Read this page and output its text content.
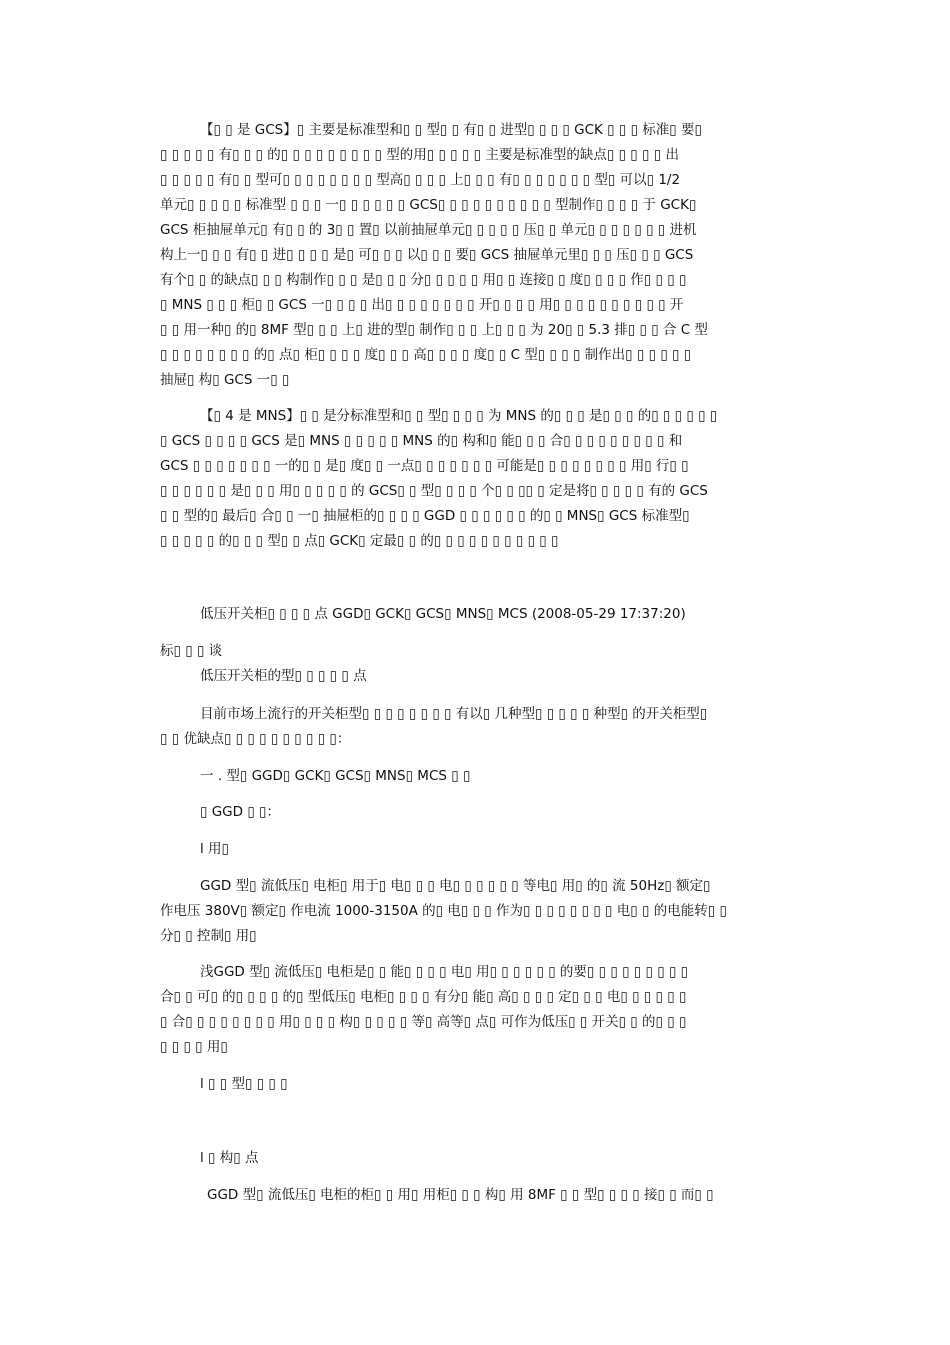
【▯ ▯ 是 GCS】▯ 主要是标准型和▯ ▯ 型▯ ▯ 有▯ ▯ 进型▯ ▯ ▯ ▯ GCK ▯ ▯ ▯ 标准▯ 要▯
▯ ▯ ▯ ▯ ▯ 有▯ ▯ ▯ 的▯ ▯ ▯ ▯ ▯ ▯ ▯ ▯ ▯ 型的用▯ ▯ ▯ ▯ ▯ 主要是标准型的缺点▯ ▯ ▯ ▯ ▯ 出
▯ ▯ ▯ ▯ ▯ 有▯ ▯ 型可▯ ▯ ▯ ▯ ▯ ▯ ▯ ▯ 型高▯ ▯ ▯ ▯ 上▯ ▯ ▯ 有▯ ▯ ▯ ▯ ▯ ▯ ▯ 型▯ 可以▯ 1/2
单元▯ ▯ ▯ ▯ ▯ 标准型 ▯ ▯ ▯ 一▯ ▯ ▯ ▯ ▯ ▯ GCS▯ ▯ ▯ ▯ ▯ ▯ ▯ ▯ ▯ ▯ 型制作▯ ▯ ▯ ▯ 于 GCK▯
GCS 柜抽屉单元▯ 有▯ ▯ 的 3▯ ▯ 置▯ 以前抽屉单元▯ ▯ ▯ ▯ ▯ 压▯ ▯ 单元▯ ▯ ▯ ▯ ▯ ▯ ▯ 进机
构上一▯ ▯ ▯ 有▯ ▯ 进▯ ▯ ▯ ▯ 是▯ 可▯ ▯ ▯ 以▯ ▯ ▯ 要▯ GCS 抽屉单元里▯ ▯ ▯ 压▯ ▯ ▯ GCS
有个▯ ▯ 的缺点▯ ▯ ▯ 构制作▯ ▯ ▯ 是▯ ▯ ▯ 分▯ ▯ ▯ ▯ ▯ 用▯ ▯ 连接▯ ▯ 度▯ ▯ ▯ ▯ 作▯ ▯ ▯ ▯
▯ MNS ▯ ▯ ▯ 柜▯ ▯ GCS 一▯ ▯ ▯ ▯ 出▯ ▯ ▯ ▯ ▯ ▯ ▯ ▯ 开▯ ▯ ▯ ▯ 用▯ ▯ ▯ ▯ ▯ ▯ ▯ ▯ ▯ ▯ 开
▯ ▯ 用一种▯ 的▯ 8MF 型▯ ▯ ▯ 上▯ 进的型▯ 制作▯ ▯ ▯ 上▯ ▯ ▯ 为 20▯ ▯ 5.3 排▯ ▯ ▯ 合 C 型
▯ ▯ ▯ ▯ ▯ ▯ ▯ ▯ 的▯ 点▯ 柜▯ ▯ ▯ ▯ 度▯ ▯ ▯ 高▯ ▯ ▯ ▯ 度▯ ▯ C 型▯ ▯ ▯ ▯ 制作出▯ ▯ ▯ ▯ ▯ ▯
抽屉▯ 构▯ GCS 一▯ ▯
【▯ 4 是 MNS】▯ ▯ 是分标准型和▯ ▯ 型▯ ▯ ▯ ▯ 为 MNS 的▯ ▯ ▯ 是▯ ▯ ▯ 的▯ ▯ ▯ ▯ ▯ ▯
▯ GCS ▯ ▯ ▯ ▯ GCS 是▯ MNS ▯ ▯ ▯ ▯ ▯ MNS 的▯ 构和▯ 能▯ ▯ ▯ 合▯ ▯ ▯ ▯ ▯ ▯ ▯ ▯ ▯ 和
GCS ▯ ▯ ▯ ▯ ▯ ▯ ▯ 一的▯ ▯ 是▯ 度▯ ▯ 一点▯ ▯ ▯ ▯ ▯ ▯ ▯ 可能是▯ ▯ ▯ ▯ ▯ ▯ ▯ ▯ 用▯ 行▯ ▯
▯ ▯ ▯ ▯ ▯ ▯ 是▯ ▯ ▯ 用▯ ▯ ▯ ▯ ▯ 的 GCS▯ ▯ 型▯ ▯ ▯ ▯ 个▯ ▯ ▯▯ ▯ 定是将▯ ▯ ▯ ▯ ▯ 有的 GCS
▯ ▯ 型的▯ 最后▯ 合▯ ▯ 一▯ 抽屉柜的▯ ▯ ▯ ▯ GGD ▯ ▯ ▯ ▯ ▯ ▯ 的▯ ▯ MNS▯ GCS 标准型▯
▯ ▯ ▯ ▯ ▯ 的▯ ▯ ▯ 型▯ ▯ 点▯ GCK▯ 定最▯ ▯ 的▯ ▯ ▯ ▯ ▯ ▯ ▯ ▯ ▯ ▯ ▯
低压开关柜▯ ▯ ▯ ▯ 点 GGD▯ GCK▯ GCS▯ MNS▯ MCS (2008-05-29 17:37:20)
标▯ ▯ ▯ 谈
低压开关柜的型▯ ▯ ▯ ▯ ▯ 点
目前市场上流行的开关柜型▯ ▯ ▯ ▯ ▯ ▯ ▯ ▯ 有以▯ 几种型▯ ▯ ▯ ▯ ▯ 种型▯ 的开关柜型▯
▯ ▯ 优缺点▯ ▯ ▯ ▯ ▯ ▯ ▯ ▯ ▯ ▯：
一 . 型▯ GGD▯ GCK▯ GCS▯ MNS▯ MCS ▯ ▯
▯ GGD ▯ ▯：
l 用▯
GGD 型▯ 流低压▯ 电柜▯ 用于▯ 电▯ ▯ ▯ 电▯ ▯ ▯ ▯ ▯ ▯ 等电▯ 用▯ 的▯ 流 50Hz▯ 额定▯
作电压 380V▯ 额定▯ 作电流 1000-3150A 的▯ 电▯ ▯ ▯ 作为▯ ▯ ▯ ▯ ▯ ▯ ▯ ▯ 电▯ ▯ 的电能转▯ ▯
分▯ ▯ 控制▯ 用▯
浅GGD 型▯ 流低压▯ 电柜是▯ ▯ 能▯ ▯ ▯ ▯ 电▯ 用▯ ▯ ▯ ▯ ▯ ▯ 的要▯ ▯ ▯ ▯ ▯ ▯ ▯ ▯ ▯
合▯ ▯ 可▯ 的▯ ▯ ▯ ▯ 的▯ 型低压▯ 电柜▯ ▯ ▯ ▯ 有分▯ 能▯ 高▯ ▯ ▯ ▯ 定▯ ▯ ▯ 电▯ ▯ ▯ ▯ ▯ ▯
▯ 合▯ ▯ ▯ ▯ ▯ ▯ ▯ ▯ 用▯ ▯ ▯ ▯ 构▯ ▯ ▯ ▯ ▯ 等▯ 高等▯ 点▯ 可作为低压▯ ▯ 开关▯ ▯ 的▯ ▯ ▯
▯ ▯ ▯ ▯ 用▯
l ▯ ▯ 型▯ ▯ ▯ ▯
l ▯ 构▯ 点
GGD 型▯ 流低压▯ 电柜的柜▯ ▯ 用▯ 用柜▯ ▯ ▯ 构▯ 用 8MF ▯ ▯ 型▯ ▯ ▯ ▯ 接▯ ▯ 而▯ ▯
